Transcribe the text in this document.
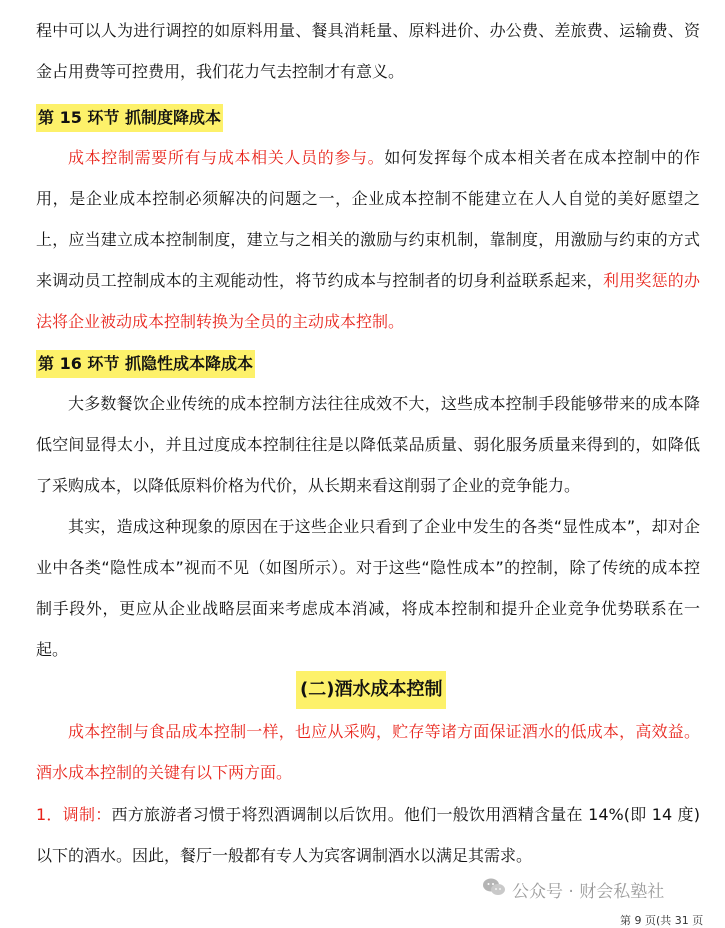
程中可以人为进行调控的如原料用量、餐具消耗量、原料进价、办公费、差旅费、运输费、资金占用费等可控费用，我们花力气去控制才有意义。

第 15 环节 抓制度降成本

成本控制需要所有与成本相关人员的参与。如何发挥每个成本相关者在成本控制中的作用，是企业成本控制必须解决的问题之一，企业成本控制不能建立在人人自觉的美好愿望之上，应当建立成本控制制度，建立与之相关的激励与约束机制，靠制度，用激励与约束的方式来调动员工控制成本的主观能动性，将节约成本与控制者的切身利益联系起来，利用奖惩的办法将企业被动成本控制转换为全员的主动成本控制。

第 16 环节 抓隐性成本降成本

大多数餐饮企业传统的成本控制方法往往成效不大，这些成本控制手段能够带来的成本降低空间显得太小，并且过度成本控制往往是以降低菜品质量、弱化服务质量来得到的，如降低了采购成本，以降低原料价格为代价，从长期来看这削弱了企业的竞争能力。

其实，造成这种现象的原因在于这些企业只看到了企业中发生的各类“显性成本”，却对企业中各类“隐性成本”视而不见（如图所示）。对于这些“隐性成本”的控制，除了传统的成本控制手段外，更应从企业战略层面来考虑成本消减，将成本控制和提升企业竞争优势联系在一起。

(二)酒水成本控制

成本控制与食品成本控制一样，也应从采购，贮存等诸方面保证酒水的低成本，高效益。酒水成本控制的关键有以下两方面。

1．调制：西方旅游者习惯于将烈酒调制以后饮用。他们一般饮用酒精含量在 14%(即 14 度)以下的酒水。因此，餐厅一般都有专人为宾客调制酒水以满足其需求。

公众号 · 财会私塾社
第 9 页(共 31 页
